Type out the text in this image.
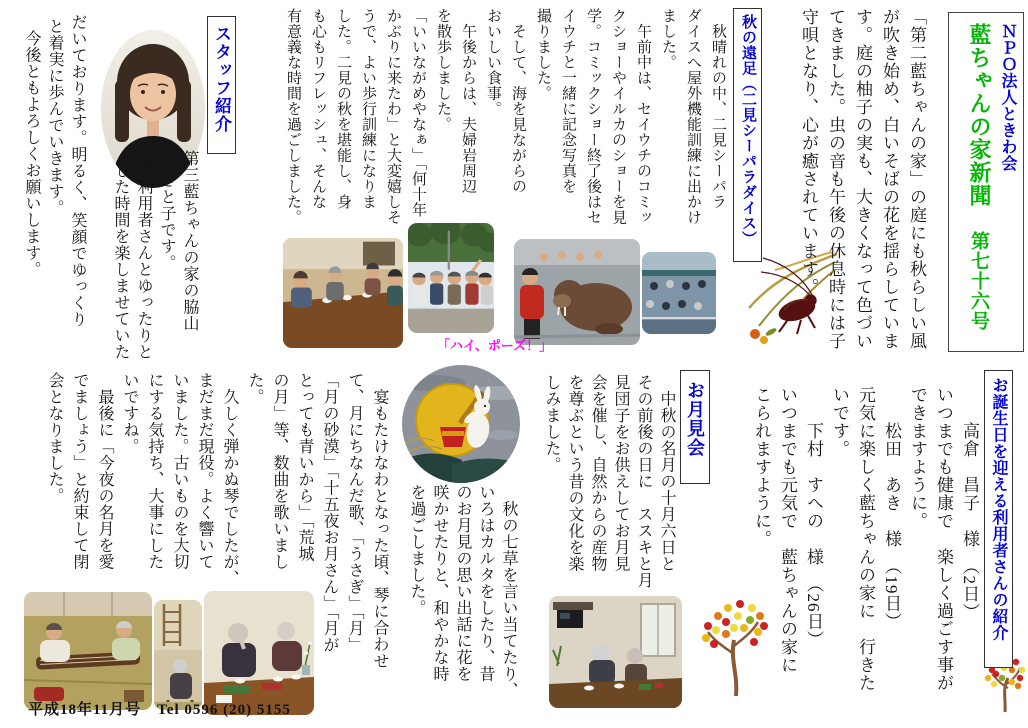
ＮＰＯ法人ときわ会
藍ちゃんの家新聞
第七十六号
「第二藍ちゃんの家」の庭にも秋らしい風
が吹き始め、白いそばの花を揺らしていま
す。庭の柚子の実も、大きくなって色づい
てきました。虫の音も午後の休息時には子
守唄となり、心が癒されています。
秋の遠足（二見シーパラダイス）
　秋晴れの中、二見シーパラ
ダイスへ屋外機能訓練に出かけ
ました。
　午前中は、セイウチのコミッ
クショーやイルカのショーを見
学。コミックショー終了後はセ
イウチと一緒に記念写真を
撮りました。
　そして、海を見ながらの
おいしい食事。
　午後からは、夫婦岩周辺
を散歩しました。
「いいながめやなぁ」「何十年
かぶりに来たわ」と大変嬉しそ
うで、よい歩行訓練になりま
した。二見の秋を堪能し、身
も心もリフレッシュ、そんな
有意義な時間を過ごしました。
スタッフ紹介
第三藍ちゃんの家の脇山
さと子です。
ご利用者さんとゆったりと
した時間を楽しませていた
だいております。明るく、笑顔でゆっくり
と着実に歩んでいきます。
今後ともよろしくお願いします。
お誕生日を迎える利用者さんの紹介
高倉　昌子　様　（2日）
いつまでも健康で　楽しく過ごす事が
できますように。
松田　あき　様　（19日）
元気に楽しく藍ちゃんの家に　行きた
いです。
下村　すへの　様　（26日）
いつまでも元気で　藍ちゃんの家に
こられますように。
お月見会
　中秋の名月の十月六日と
その前後の日に　ススキと月
見団子をお供えしてお月見
会を催し、自然からの産物
を尊ぶという昔の文化を楽
しみました。
　秋の七草を言い当てたり、
いろはカルタをしたり、昔
のお月見の思い出話に花を
咲かせたりと、和やかな時
を過ごしました。
　宴もたけなわとなった頃、琴に合わせ
て、月にちなんだ歌、「うさぎ」「月」
「月の砂漠」「十五夜お月さん」「月が
とっても青いから」「荒城
の月」等、数曲を歌いまし
た。
　久しく弾かぬ琴でしたが、
まだまだ現役。よく響いて
いました。古いものを大切
にする気持ち、大事にした
いですね。
　最後に「今夜の名月を愛
でましょう」と約束して閉
会となりました。
「ハイ、ポーズ！」
平成18年11月号　Tel 0596 (20) 5155
